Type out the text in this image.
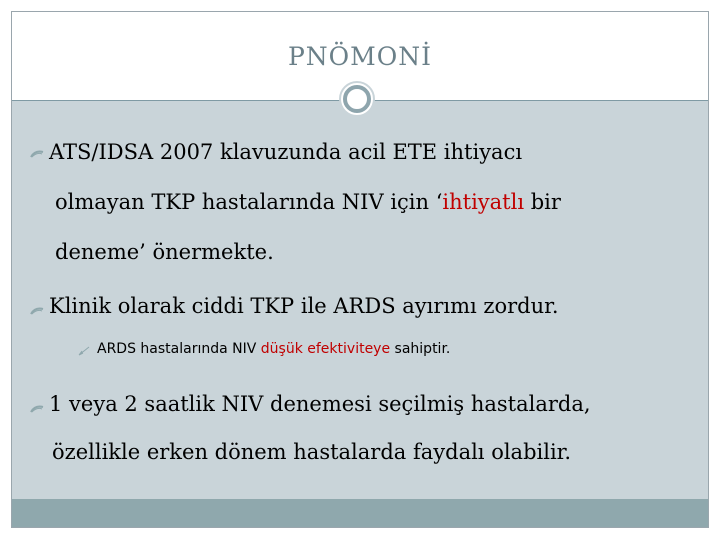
PNÖMONİ
ATS/IDSA 2007 klavuzunda acil ETE ihtiyacı
olmayan TKP hastalarında NIV için ‘ihtiyatlı bir
deneme’ önermekte.
Klinik olarak ciddi TKP ile ARDS ayırımı zordur.
ARDS hastalarında NIV düşük efektiviteye sahiptir.
1 veya 2 saatlik NIV denemesi seçilmiş hastalarda,
özellikle erken dönem hastalarda faydalı olabilir.
